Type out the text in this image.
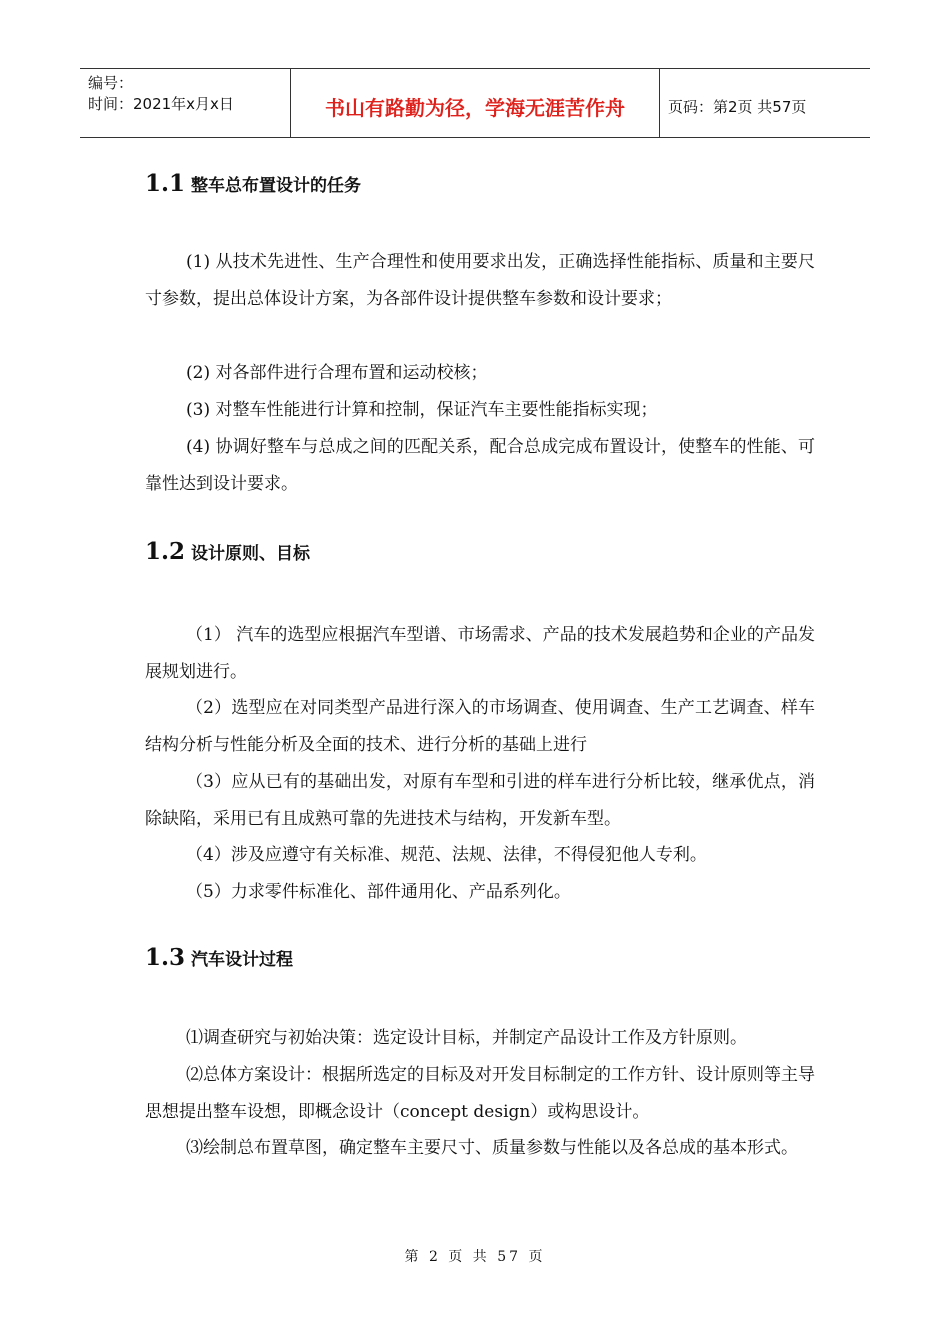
编号：
时间：2021年x月x日	书山有路勤为径，学海无涯苦作舟	页码：第2页 共57页
1.1 整车总布置设计的任务
(1) 从技术先进性、生产合理性和使用要求出发，正确选择性能指标、质量和主要尺寸参数，提出总体设计方案，为各部件设计提供整车参数和设计要求；
(2) 对各部件进行合理布置和运动校核；
(3) 对整车性能进行计算和控制，保证汽车主要性能指标实现；
(4) 协调好整车与总成之间的匹配关系，配合总成完成布置设计，使整车的性能、可靠性达到设计要求。
1.2 设计原则、目标
（1） 汽车的选型应根据汽车型谱、市场需求、产品的技术发展趋势和企业的产品发展规划进行。
（2）选型应在对同类型产品进行深入的市场调查、使用调查、生产工艺调查、样车结构分析与性能分析及全面的技术、进行分析的基础上进行
（3）应从已有的基础出发，对原有车型和引进的样车进行分析比较，继承优点，消除缺陷，采用已有且成熟可靠的先进技术与结构，开发新车型。
（4）涉及应遵守有关标准、规范、法规、法律，不得侵犯他人专利。
（5）力求零件标准化、部件通用化、产品系列化。
1.3 汽车设计过程
⑴调查研究与初始决策：选定设计目标，并制定产品设计工作及方针原则。
⑵总体方案设计：根据所选定的目标及对开发目标制定的工作方针、设计原则等主导思想提出整车设想，即概念设计（concept design）或构思设计。
⑶绘制总布置草图，确定整车主要尺寸、质量参数与性能以及各总成的基本形式。
第 2 页 共 57 页
